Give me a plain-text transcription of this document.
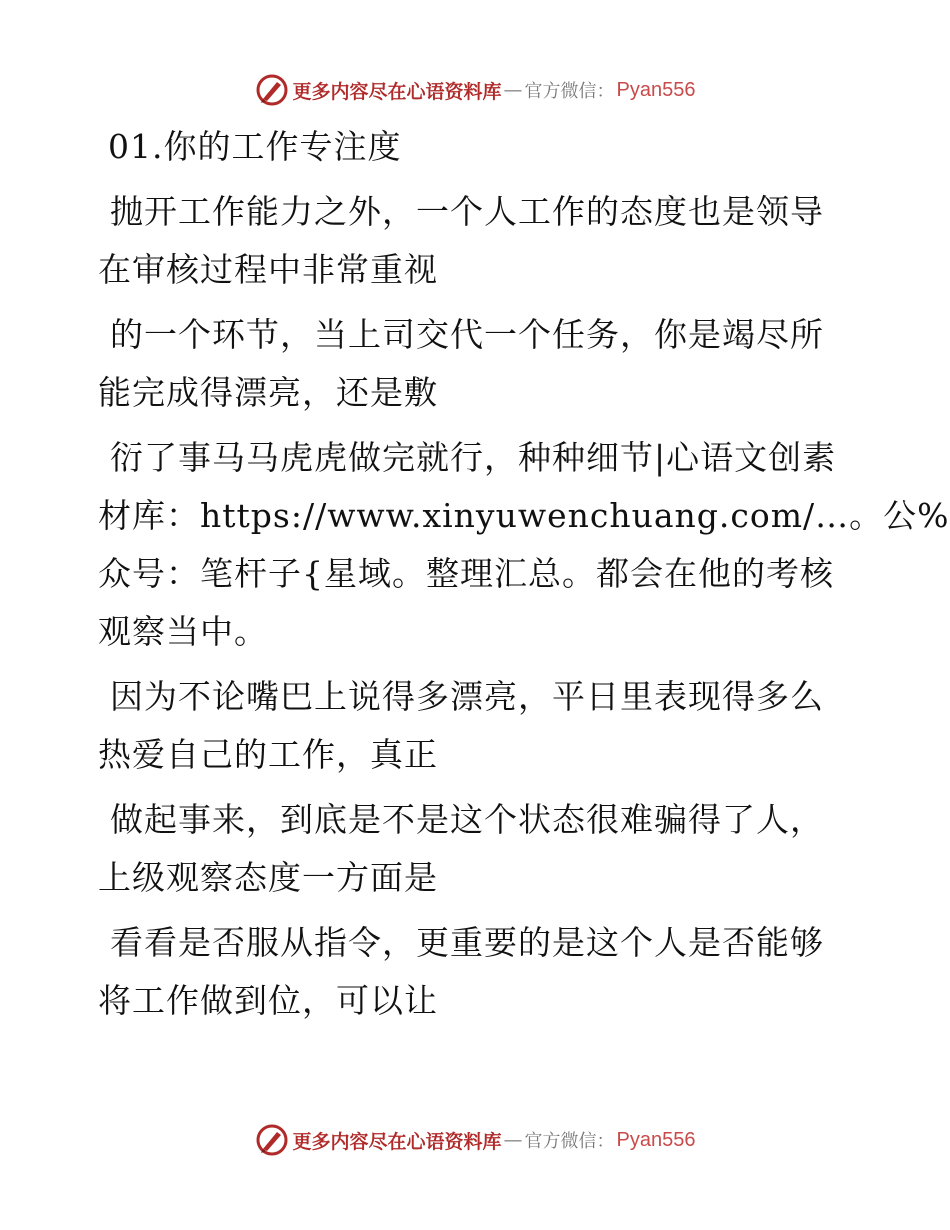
更多内容尽在心语资料库 — 官方微信： Pyan556
01.你的工作专注度
抛开工作能力之外，一个人工作的态度也是领导
在审核过程中非常重视
的一个环节，当上司交代一个任务，你是竭尽所
能完成得漂亮，还是敷
衍了事马马虎虎做完就行，种种细节|心语文创素
材库：https://www.xinyuwenchuang.com/…。公%
众号：笔杆子{星域。整理汇总。都会在他的考核
观察当中。
因为不论嘴巴上说得多漂亮，平日里表现得多么
热爱自己的工作，真正
做起事来，到底是不是这个状态很难骗得了人，
上级观察态度一方面是
看看是否服从指令，更重要的是这个人是否能够
将工作做到位，可以让
更多内容尽在心语资料库 — 官方微信： Pyan556
